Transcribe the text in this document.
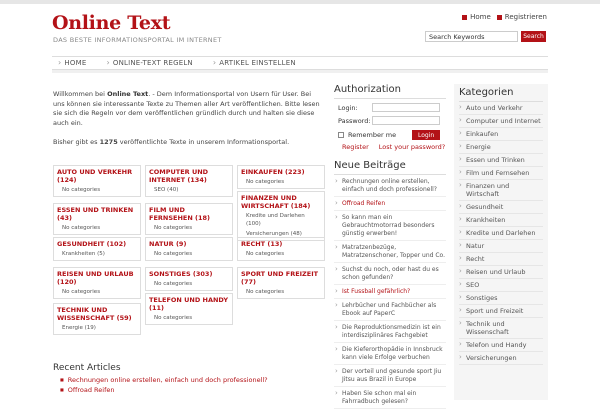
Online Text
DAS BESTE INFORMATIONSPORTAL IM INTERNET
Home Registrieren
Search Keywords
Search
› HOME	› ONLINE-TEXT REGELN	› ARTIKEL EINSTELLEN
Willkommen bei Online Text. - Dem Informationsportal von Usern für User. Bei uns können sie interessante Texte zu Themen aller Art veröffentlichen. Bitte lesen sie sich die Regeln vor dem veröffentlichen gründlich durch und halten sie diese auch ein.
Bisher gibt es 1275 veröffentlichte Texte in unserem Informationsportal.
AUTO UND VERKEHR (124)
No categories
COMPUTER UND INTERNET (134)
SEO (40)
EINKAUFEN (223)
No categories
ESSEN UND TRINKEN (43)
No categories
FILM UND FERNSEHEN (18)
No categories
FINANZEN UND WIRTSCHAFT (184)
Kredite und Darlehen (100)
Versicherungen (48)
GESUNDHEIT (102)
Krankheiten (5)
NATUR (9)
No categories
RECHT (13)
No categories
REISEN UND URLAUB (120)
No categories
SONSTIGES (303)
No categories
SPORT UND FREIZEIT (77)
No categories
TECHNIK UND WISSENSCHAFT (59)
Energie (19)
TELEFON UND HANDY (11)
No categories
Recent Articles
■ Rechnungen online erstellen, einfach und doch professionell?
■ Offroad Reifen
Authorization
Login:
Password:
Remember me	Login
Register Lost your password?
Neue Beiträge
› Rechnungen online erstellen, einfach und doch professionell?
› Offroad Reifen
› So kann man ein Gebrauchtmotorrad besonders günstig erwerben!
› Matratzenbezüge, Matratzenschoner, Topper und Co.
› Suchst du noch, oder hast du es schon gefunden?
› Ist Fussball gefährlich?
› Lehrbücher und Fachbücher als Ebook auf PaperC
› Die Reproduktionsmedizin ist ein interdisziplinäres Fachgebiet
› Die Kieferorthopädie in Innsbruck kann viele Erfolge verbuchen
› Der vorteil und gesunde sport Jiu Jitsu aus Brazil in Europe
› Haben Sie schon mal ein Fahrradbuch gelesen?
Kategorien
› Auto und Verkehr
› Computer und Internet
› Einkaufen
› Energie
› Essen und Trinken
› Film und Fernsehen
› Finanzen und Wirtschaft
› Gesundheit
› Krankheiten
› Kredite und Darlehen
› Natur
› Recht
› Reisen und Urlaub
› SEO
› Sonstiges
› Sport und Freizeit
› Technik und Wissenschaft
› Telefon und Handy
› Versicherungen
